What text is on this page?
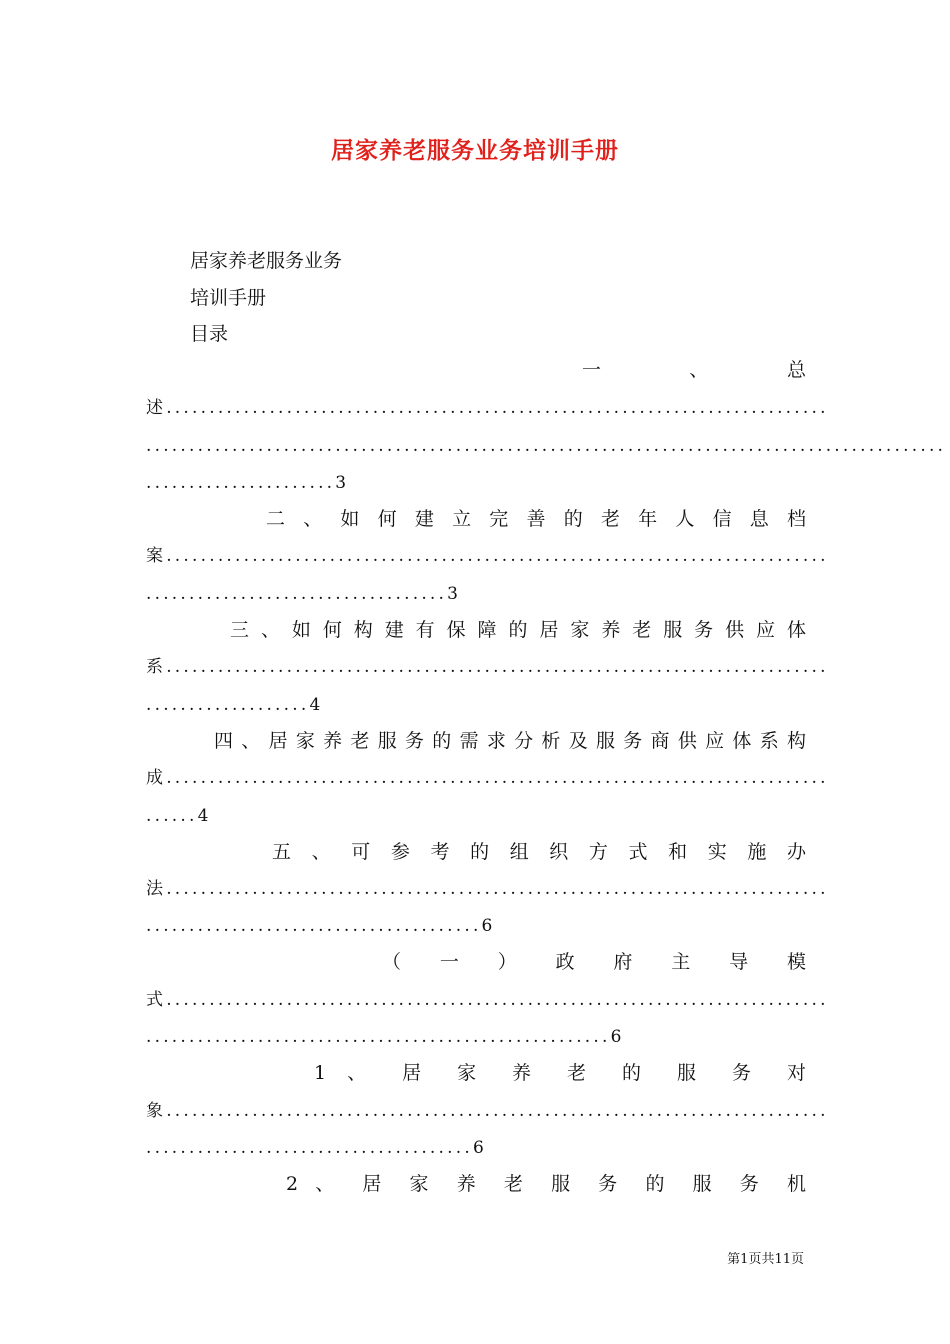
居家养老服务业务培训手册
居家养老服务业务
培训手册
目录
一　　　、　　　总
述.............................................................................
.............................................................................................
......................3
二 、 如 何 建 立 完 善 的 老 年 人 信 息 档
案.............................................................................
...................................3
三 、 如 何 构 建 有 保 障 的 居 家 养 老 服 务 供 应 体
系.............................................................................
...................4
四、居家养老服务的需求分析及服务商供应体系构
成.............................................................................
......4
五 、 可 参 考 的 组 织 方 式 和 实 施 办
法.............................................................................
.......................................6
（ 一 ） 政 府 主 导 模
式.............................................................................
......................................................6
1 、 居 家 养 老 的 服 务 对
象.............................................................................
......................................6
2 、 居 家 养 老 服 务 的 服 务 机
第1页共11页
